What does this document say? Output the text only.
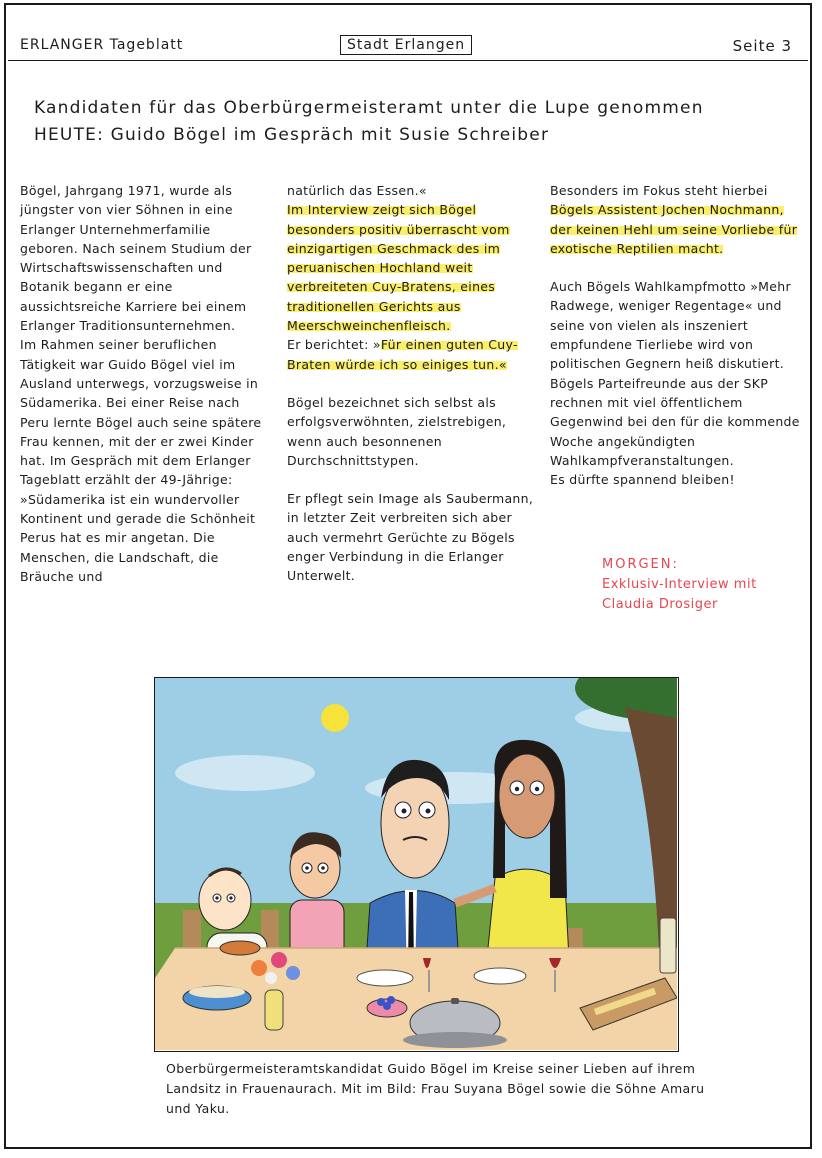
ERLANGER Tageblatt	Stadt Erlangen	Seite 3
Kandidaten für das Oberbürgermeisteramt unter die Lupe genommen
HEUTE: Guido Bögel im Gespräch mit Susie Schreiber

Bögel, Jahrgang 1971, wurde als jüngster von vier Söhnen in eine Erlanger Unternehmerfamilie geboren. Nach seinem Studium der Wirtschaftswissenschaften und Botanik begann er eine aussichtsreiche Karriere bei einem Erlanger Traditionsunternehmen.

Im Rahmen seiner beruflichen Tätigkeit war Guido Bögel viel im Ausland unterwegs, vorzugsweise in Südamerika. Bei einer Reise nach Peru lernte Bögel auch seine spätere Frau kennen, mit der er zwei Kinder hat. Im Gespräch mit dem Erlanger Tageblatt erzählt der 49-Jährige: »Südamerika ist ein wundervoller Kontinent und gerade die Schönheit Perus hat es mir angetan. Die Menschen, die Landschaft, die Bräuche und

natürlich das Essen.«
Im Interview zeigt sich Bögel besonders positiv überrascht vom einzigartigen Geschmack des im peruanischen Hochland weit verbreiteten Cuy-Bratens, eines traditionellen Gerichts aus Meerschweinchenfleisch.
Er berichtet: »Für einen guten Cuy-Braten würde ich so einiges tun.«

Bögel bezeichnet sich selbst als erfolgsverwöhnten, zielstrebigen, wenn auch besonnenen Durchschnittstypen.

Er pflegt sein Image als Saubermann, in letzter Zeit verbreiten sich aber auch vermehrt Gerüchte zu Bögels enger Verbindung in die Erlanger Unterwelt.

Besonders im Fokus steht hierbei
Bögels Assistent Jochen Nochmann, der keinen Hehl um seine Vorliebe für exotische Reptilien macht.

Auch Bögels Wahlkampfmotto »Mehr Radwege, weniger Regentage« und seine von vielen als inszeniert empfundene Tierliebe wird von politischen Gegnern heiß diskutiert. Bögels Parteifreunde aus der SKP rechnen mit viel öffentlichem Gegenwind bei den für die kommende Woche angekündigten Wahlkampfveranstaltungen.

Es dürfte spannend bleiben!

MORGEN:
Exklusiv-Interview mit
Claudia Drosiger
Oberbürgermeisteramtskandidat Guido Bögel im Kreise seiner Lieben auf ihrem Landsitz in Frauenaurach. Mit im Bild: Frau Suyana Bögel sowie die Söhne Amaru und Yaku.
